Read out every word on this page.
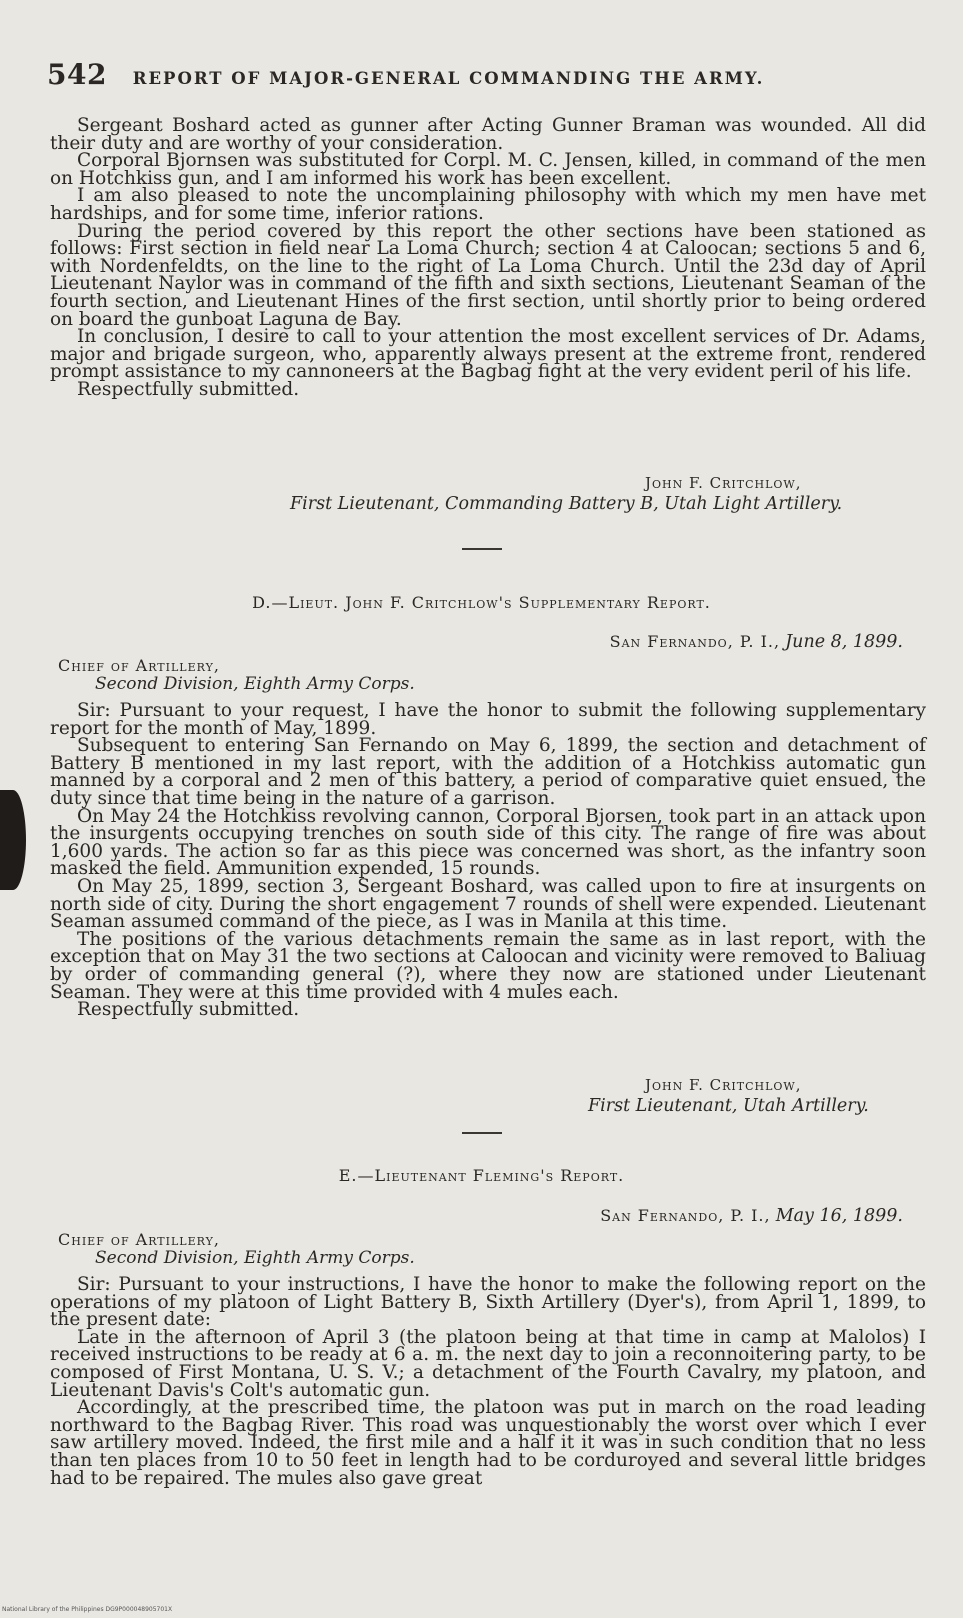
542 REPORT OF MAJOR-GENERAL COMMANDING THE ARMY.

Sergeant Boshard acted as gunner after Acting Gunner Braman was wounded. All did their duty and are worthy of your consideration.

Corporal Bjornsen was substituted for Corpl. M. C. Jensen, killed, in command of the men on Hotchkiss gun, and I am informed his work has been excellent.

I am also pleased to note the uncomplaining philosophy with which my men have met hardships, and for some time, inferior rations.

During the period covered by this report the other sections have been stationed as follows: First section in field near La Loma Church; section 4 at Caloocan; sections 5 and 6, with Nordenfeldts, on the line to the right of La Loma Church. Until the 23d day of April Lieutenant Naylor was in command of the fifth and sixth sections, Lieutenant Seaman of the fourth section, and Lieutenant Hines of the first section, until shortly prior to being ordered on board the gunboat Laguna de Bay.

In conclusion, I desire to call to your attention the most excellent services of Dr. Adams, major and brigade surgeon, who, apparently always present at the extreme front, rendered prompt assistance to my cannoneers at the Bagbag fight at the very evident peril of his life.

Respectfully submitted.

John F. Critchlow,
First Lieutenant, Commanding Battery B, Utah Light Artillery.
D.—Lieut. John F. Critchlow's Supplementary Report.
San Fernando, P. I., June 8, 1899.
Chief of Artillery,
Second Division, Eighth Army Corps.

Sir: Pursuant to your request, I have the honor to submit the following supplementary report for the month of May, 1899.

Subsequent to entering San Fernando on May 6, 1899, the section and detachment of Battery B mentioned in my last report, with the addition of a Hotchkiss automatic gun manned by a corporal and 2 men of this battery, a period of comparative quiet ensued, the duty since that time being in the nature of a garrison.

On May 24 the Hotchkiss revolving cannon, Corporal Bjorsen, took part in an attack upon the insurgents occupying trenches on south side of this city. The range of fire was about 1,600 yards. The action so far as this piece was concerned was short, as the infantry soon masked the field. Ammunition expended, 15 rounds.

On May 25, 1899, section 3, Sergeant Boshard, was called upon to fire at insurgents on north side of city. During the short engagement 7 rounds of shell were expended. Lieutenant Seaman assumed command of the piece, as I was in Manila at this time.

The positions of the various detachments remain the same as in last report, with the exception that on May 31 the two sections at Caloocan and vicinity were removed to Baliuag by order of commanding general (?), where they now are stationed under Lieutenant Seaman. They were at this time provided with 4 mules each.

Respectfully submitted.

John F. Critchlow,
First Lieutenant, Utah Artillery.
E.—Lieutenant Fleming's Report.
San Fernando, P. I., May 16, 1899.
Chief of Artillery,
Second Division, Eighth Army Corps.

Sir: Pursuant to your instructions, I have the honor to make the following report on the operations of my platoon of Light Battery B, Sixth Artillery (Dyer's), from April 1, 1899, to the present date:

Late in the afternoon of April 3 (the platoon being at that time in camp at Malolos) I received instructions to be ready at 6 a. m. the next day to join a reconnoitering party, to be composed of First Montana, U. S. V.; a detachment of the Fourth Cavalry, my platoon, and Lieutenant Davis's Colt's automatic gun.

Accordingly, at the prescribed time, the platoon was put in march on the road leading northward to the Bagbag River. This road was unquestionably the worst over which I ever saw artillery moved. Indeed, the first mile and a half it it was in such condition that no less than ten places from 10 to 50 feet in length had to be corduroyed and several little bridges had to be repaired. The mules also gave great

National Library of the Philippines DG9P000048905701X
